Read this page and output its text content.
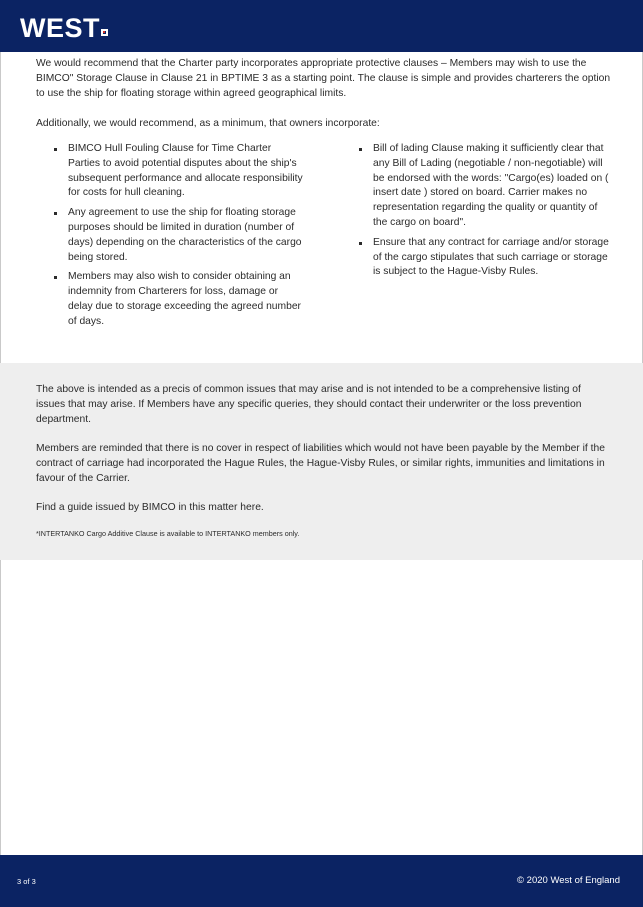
WEST

We would recommend that the Charter party incorporates appropriate protective clauses – Members may wish to use the BIMCO" Storage Clause in Clause 21 in BPTIME 3 as a starting point. The clause is simple and provides charterers the option to use the ship for floating storage within agreed geographical limits.

Additionally, we would recommend, as a minimum, that owners incorporate:

BIMCO Hull Fouling Clause for Time Charter Parties to avoid potential disputes about the ship's subsequent performance and allocate responsibility for costs for hull cleaning.
Any agreement to use the ship for floating storage purposes should be limited in duration (number of days) depending on the characteristics of the cargo being stored.
Members may also wish to consider obtaining an indemnity from Charterers for loss, damage or delay due to storage exceeding the agreed number of days.
Bill of lading Clause making it sufficiently clear that any Bill of Lading (negotiable / non-negotiable) will be endorsed with the words: "Cargo(es) loaded on ( insert date ) stored on board. Carrier makes no representation regarding the quality or quantity of the cargo on board".
Ensure that any contract for carriage and/or storage of the cargo stipulates that such carriage or storage is subject to the Hague-Visby Rules.

The above is intended as a precis of common issues that may arise and is not intended to be a comprehensive listing of issues that may arise. If Members have any specific queries, they should contact their underwriter or the loss prevention department.

Members are reminded that there is no cover in respect of liabilities which would not have been payable by the Member if the contract of carriage had incorporated the Hague Rules, the Hague-Visby Rules, or similar rights, immunities and limitations in favour of the Carrier.

Find a guide issued by BIMCO in this matter here.

*INTERTANKO Cargo Additive Clause is available to INTERTANKO members only.

3 of 3	© 2020 West of England
